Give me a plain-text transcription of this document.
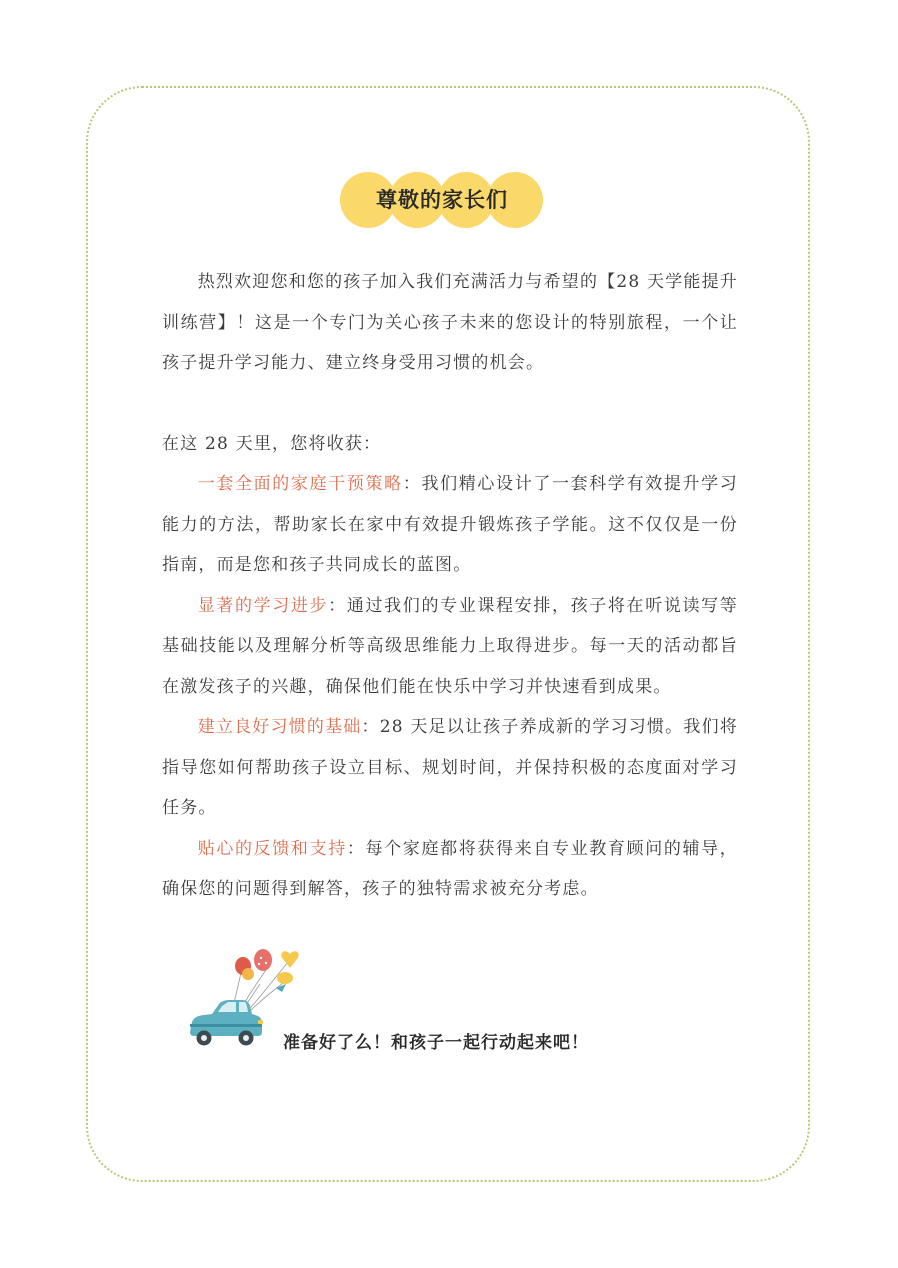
尊敬的家长们

热烈欢迎您和您的孩子加入我们充满活力与希望的【28 天学能提升训练营】！这是一个专门为关心孩子未来的您设计的特别旅程，一个让孩子提升学习能力、建立终身受用习惯的机会。

在这 28 天里，您将收获：

一套全面的家庭干预策略：我们精心设计了一套科学有效提升学习能力的方法，帮助家长在家中有效提升锻炼孩子学能。这不仅仅是一份指南，而是您和孩子共同成长的蓝图。

显著的学习进步：通过我们的专业课程安排，孩子将在听说读写等基础技能以及理解分析等高级思维能力上取得进步。每一天的活动都旨在激发孩子的兴趣，确保他们能在快乐中学习并快速看到成果。

建立良好习惯的基础：28 天足以让孩子养成新的学习习惯。我们将指导您如何帮助孩子设立目标、规划时间，并保持积极的态度面对学习任务。

贴心的反馈和支持：每个家庭都将获得来自专业教育顾问的辅导，确保您的问题得到解答，孩子的独特需求被充分考虑。

准备好了么！和孩子一起行动起来吧！
